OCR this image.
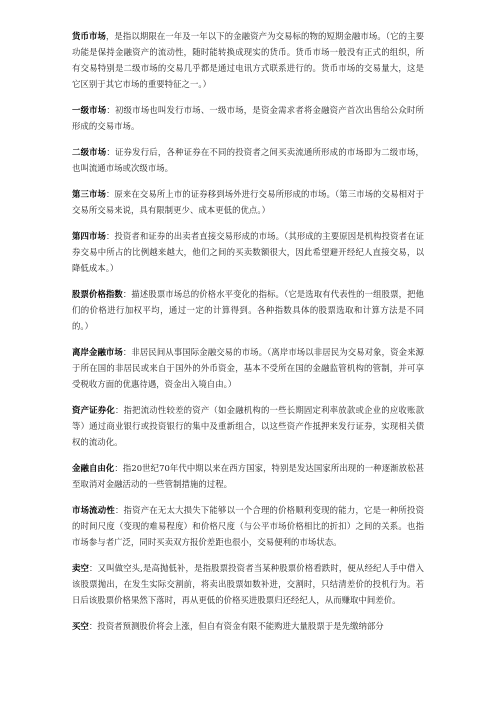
货币市场，是指以期限在一年及一年以下的金融资产为交易标的物的短期金融市场。（它的主要功能是保持金融资产的流动性，随时能转换成现实的货币。货币市场一般没有正式的组织，所有交易特别是二级市场的交易几乎都是通过电讯方式联系进行的。货币市场的交易量大，这是它区别于其它市场的重要特征之一。）

一级市场：初级市场也叫发行市场、一级市场，是资金需求者将金融资产首次出售给公众时所形成的交易市场。

二级市场：证券发行后，各种证券在不同的投资者之间买卖流通所形成的市场即为二级市场，也叫流通市场或次级市场。

第三市场：原来在交易所上市的证券移到场外进行交易所形成的市场。（第三市场的交易相对于交易所交易来说，具有限制更少、成本更低的优点。）

第四市场：投资者和证券的出卖者直接交易形成的市场。（其形成的主要原因是机构投资者在证券交易中所占的比例越来越大，他们之间的买卖数额很大，因此希望避开经纪人直接交易，以降低成本。）

股票价格指数：描述股票市场总的价格水平变化的指标。（它是选取有代表性的一组股票，把他们的价格进行加权平均，通过一定的计算得到。各种指数具体的股票选取和计算方法是不同的。）

离岸金融市场：非居民间从事国际金融交易的市场。（离岸市场以非居民为交易对象，资金来源于所在国的非居民或来自于国外的外币资金，基本不受所在国的金融监管机构的管制，并可享受税收方面的优惠待遇，资金出入境自由。）

资产证券化：指把流动性较差的资产（如金融机构的一些长期固定利率放款或企业的应收账款等）通过商业银行或投资银行的集中及重新组合，以这些资产作抵押来发行证券，实现相关债权的流动化。

金融自由化：指20世纪70年代中期以来在西方国家，特别是发达国家所出现的一种逐渐放松甚至取消对金融活动的一些管制措施的过程。

市场流动性：指资产在无太大损失下能够以一个合理的价格顺利变现的能力，它是一种所投资的时间尺度（变现的难易程度）和价格尺度（与公平市场价格相比的折扣）之间的关系。也指市场参与者广泛，同时买卖双方报价差距也很小，交易便利的市场状态。

卖空：又叫做空头,是高抛低补，是指股票投资者当某种股票价格看跌时，便从经纪人手中借入该股票抛出，在发生实际交割前，将卖出股票如数补进，交割时，只结清差价的投机行为。若日后该股票价格果然下落时，再从更低的价格买进股票归还经纪人，从而赚取中间差价。

买空：投资者预测股价将会上涨，但自有资金有限不能购进大量股票于是先缴纳部分
